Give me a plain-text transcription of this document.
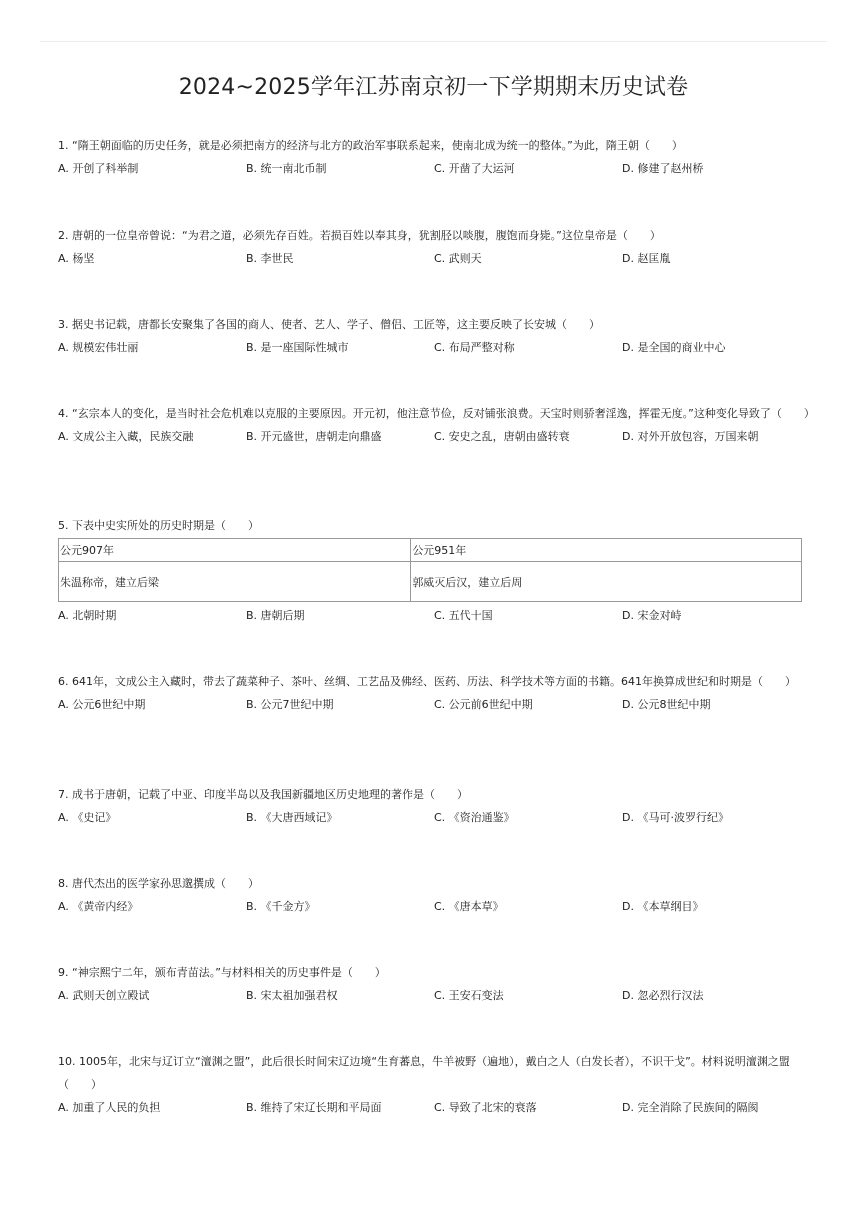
2024~2025学年江苏南京初一下学期期末历史试卷
1. “隋王朝面临的历史任务，就是必须把南方的经济与北方的政治军事联系起来，使南北成为统一的整体。”为此，隋王朝（　　）
A. 开创了科举制	B. 统一南北币制	C. 开凿了大运河	D. 修建了赵州桥
2. 唐朝的一位皇帝曾说：“为君之道，必须先存百姓。若损百姓以奉其身，犹割胫以啖腹，腹饱而身毙。”这位皇帝是（　　）
A. 杨坚	B. 李世民	C. 武则天	D. 赵匡胤
3. 据史书记载，唐都长安聚集了各国的商人、使者、艺人、学子、僧侣、工匠等，这主要反映了长安城（　　）
A. 规模宏伟壮丽	B. 是一座国际性城市	C. 布局严整对称	D. 是全国的商业中心
4. “玄宗本人的变化，是当时社会危机难以克服的主要原因。开元初，他注意节俭，反对铺张浪费。天宝时则骄奢淫逸，挥霍无度。”这种变化导致了（　　）
A. 文成公主入藏，民族交融	B. 开元盛世，唐朝走向鼎盛	C. 安史之乱，唐朝由盛转衰	D. 对外开放包容，万国来朝
5. 下表中史实所处的历史时期是（　　）
公元907年	公元951年
朱温称帝，建立后梁	郭威灭后汉，建立后周
A. 北朝时期	B. 唐朝后期	C. 五代十国	D. 宋金对峙
6. 641年，文成公主入藏时，带去了蔬菜种子、茶叶、丝绸、工艺品及佛经、医药、历法、科学技术等方面的书籍。641年换算成世纪和时期是（　　）
A. 公元6世纪中期	B. 公元7世纪中期	C. 公元前6世纪中期	D. 公元8世纪中期
7. 成书于唐朝，记载了中亚、印度半岛以及我国新疆地区历史地理的著作是（　　）
A. 《史记》	B. 《大唐西域记》	C. 《资治通鉴》	D. 《马可·波罗行纪》
8. 唐代杰出的医学家孙思邈撰成（　　）
A. 《黄帝内经》	B. 《千金方》	C. 《唐本草》	D. 《本草纲目》
9. “神宗熙宁二年，颁布青苗法。”与材料相关的历史事件是（　　）
A. 武则天创立殿试	B. 宋太祖加强君权	C. 王安石变法	D. 忽必烈行汉法
10. 1005年，北宋与辽订立“澶渊之盟”，此后很长时间宋辽边境“生育蕃息，牛羊被野（遍地），戴白之人（白发长者），不识干戈”。材料说明澶渊之盟（　　）
A. 加重了人民的负担	B. 维持了宋辽长期和平局面	C. 导致了北宋的衰落	D. 完全消除了民族间的隔阂
